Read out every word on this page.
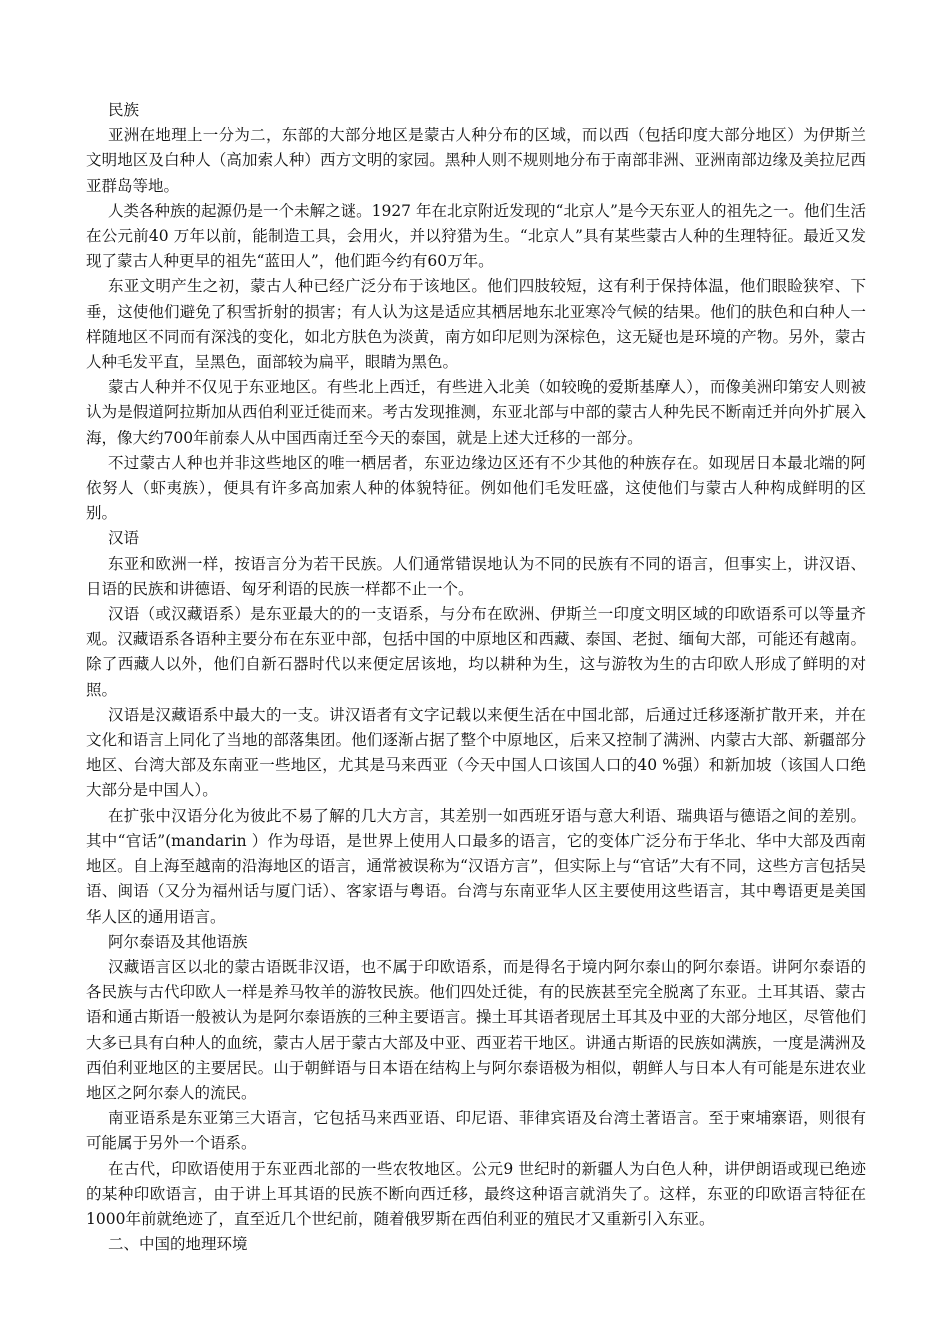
民族

亚洲在地理上一分为二，东部的大部分地区是蒙古人种分布的区域，而以西（包括印度大部分地区）为伊斯兰文明地区及白种人（高加索人种）西方文明的家园。黑种人则不规则地分布于南部非洲、亚洲南部边缘及美拉尼西亚群岛等地。

人类各种族的起源仍是一个未解之谜。1927 年在北京附近发现的“北京人”是今天东亚人的祖先之一。他们生活在公元前40 万年以前，能制造工具，会用火，并以狩猎为生。“北京人”具有某些蒙古人种的生理特征。最近又发现了蒙古人种更早的祖先“蓝田人”，他们距今约有60万年。

东亚文明产生之初，蒙古人种已经广泛分布于该地区。他们四肢较短，这有利于保持体温，他们眼睑狭窄、下垂，这使他们避免了积雪折射的损害；有人认为这是适应其栖居地东北亚寒冷气候的结果。他们的肤色和白种人一样随地区不同而有深浅的变化，如北方肤色为淡黄，南方如印尼则为深棕色，这无疑也是环境的产物。另外，蒙古人种毛发平直，呈黑色，面部较为扁平，眼睛为黑色。

蒙古人种并不仅见于东亚地区。有些北上西迁，有些进入北美（如较晚的爱斯基摩人），而像美洲印第安人则被认为是假道阿拉斯加从西伯利亚迁徙而来。考古发现推测，东亚北部与中部的蒙古人种先民不断南迁并向外扩展入海，像大约700年前泰人从中国西南迁至今天的泰国，就是上述大迁移的一部分。

不过蒙古人种也并非这些地区的唯一栖居者，东亚边缘边区还有不少其他的种族存在。如现居日本最北端的阿依努人（虾夷族），便具有许多高加索人种的体貌特征。例如他们毛发旺盛，这使他们与蒙古人种构成鲜明的区别。

汉语

东亚和欧洲一样，按语言分为若干民族。人们通常错误地认为不同的民族有不同的语言，但事实上，讲汉语、日语的民族和讲德语、匈牙利语的民族一样都不止一个。

汉语（或汉藏语系）是东亚最大的的一支语系，与分布在欧洲、伊斯兰一印度文明区域的印欧语系可以等量齐观。汉藏语系各语种主要分布在东亚中部，包括中国的中原地区和西藏、泰国、老挝、缅甸大部，可能还有越南。除了西藏人以外，他们自新石器时代以来便定居该地，均以耕种为生，这与游牧为生的古印欧人形成了鲜明的对照。

汉语是汉藏语系中最大的一支。讲汉语者有文字记载以来便生活在中国北部，后通过迁移逐渐扩散开来，并在文化和语言上同化了当地的部落集团。他们逐渐占据了整个中原地区，后来又控制了满洲、内蒙古大部、新疆部分地区、台湾大部及东南亚一些地区，尤其是马来西亚（今天中国人口该国人口的40 %强）和新加坡（该国人口绝大部分是中国人）。

在扩张中汉语分化为彼此不易了解的几大方言，其差别一如西班牙语与意大利语、瑞典语与德语之间的差别。其中“官话”(mandarin ）作为母语，是世界上使用人口最多的语言，它的变体广泛分布于华北、华中大部及西南地区。自上海至越南的沿海地区的语言，通常被误称为“汉语方言”，但实际上与“官话”大有不同，这些方言包括吴语、闽语（又分为福州话与厦门话）、客家语与粤语。台湾与东南亚华人区主要使用这些语言，其中粤语更是美国华人区的通用语言。

阿尔泰语及其他语族

汉藏语言区以北的蒙古语既非汉语，也不属于印欧语系，而是得名于境内阿尔泰山的阿尔泰语。讲阿尔泰语的各民族与古代印欧人一样是养马牧羊的游牧民族。他们四处迁徙，有的民族甚至完全脱离了东亚。土耳其语、蒙古语和通古斯语一般被认为是阿尔泰语族的三种主要语言。操土耳其语者现居土耳其及中亚的大部分地区，尽管他们大多已具有白种人的血统，蒙古人居于蒙古大部及中亚、西亚若干地区。讲通古斯语的民族如满族，一度是满洲及西伯利亚地区的主要居民。山于朝鲜语与日本语在结构上与阿尔泰语极为相似，朝鲜人与日本人有可能是东进农业地区之阿尔泰人的流民。

南亚语系是东亚第三大语言，它包括马来西亚语、印尼语、菲律宾语及台湾土著语言。至于柬埔寨语，则很有可能属于另外一个语系。

在古代，印欧语使用于东亚西北部的一些农牧地区。公元9 世纪时的新疆人为白色人种，讲伊朗语或现已绝迹的某种印欧语言，由于讲上耳其语的民族不断向西迁移，最终这种语言就消失了。这样，东亚的印欧语言特征在1000年前就绝迹了，直至近几个世纪前，随着俄罗斯在西伯利亚的殖民才又重新引入东亚。

二、中国的地理环境
